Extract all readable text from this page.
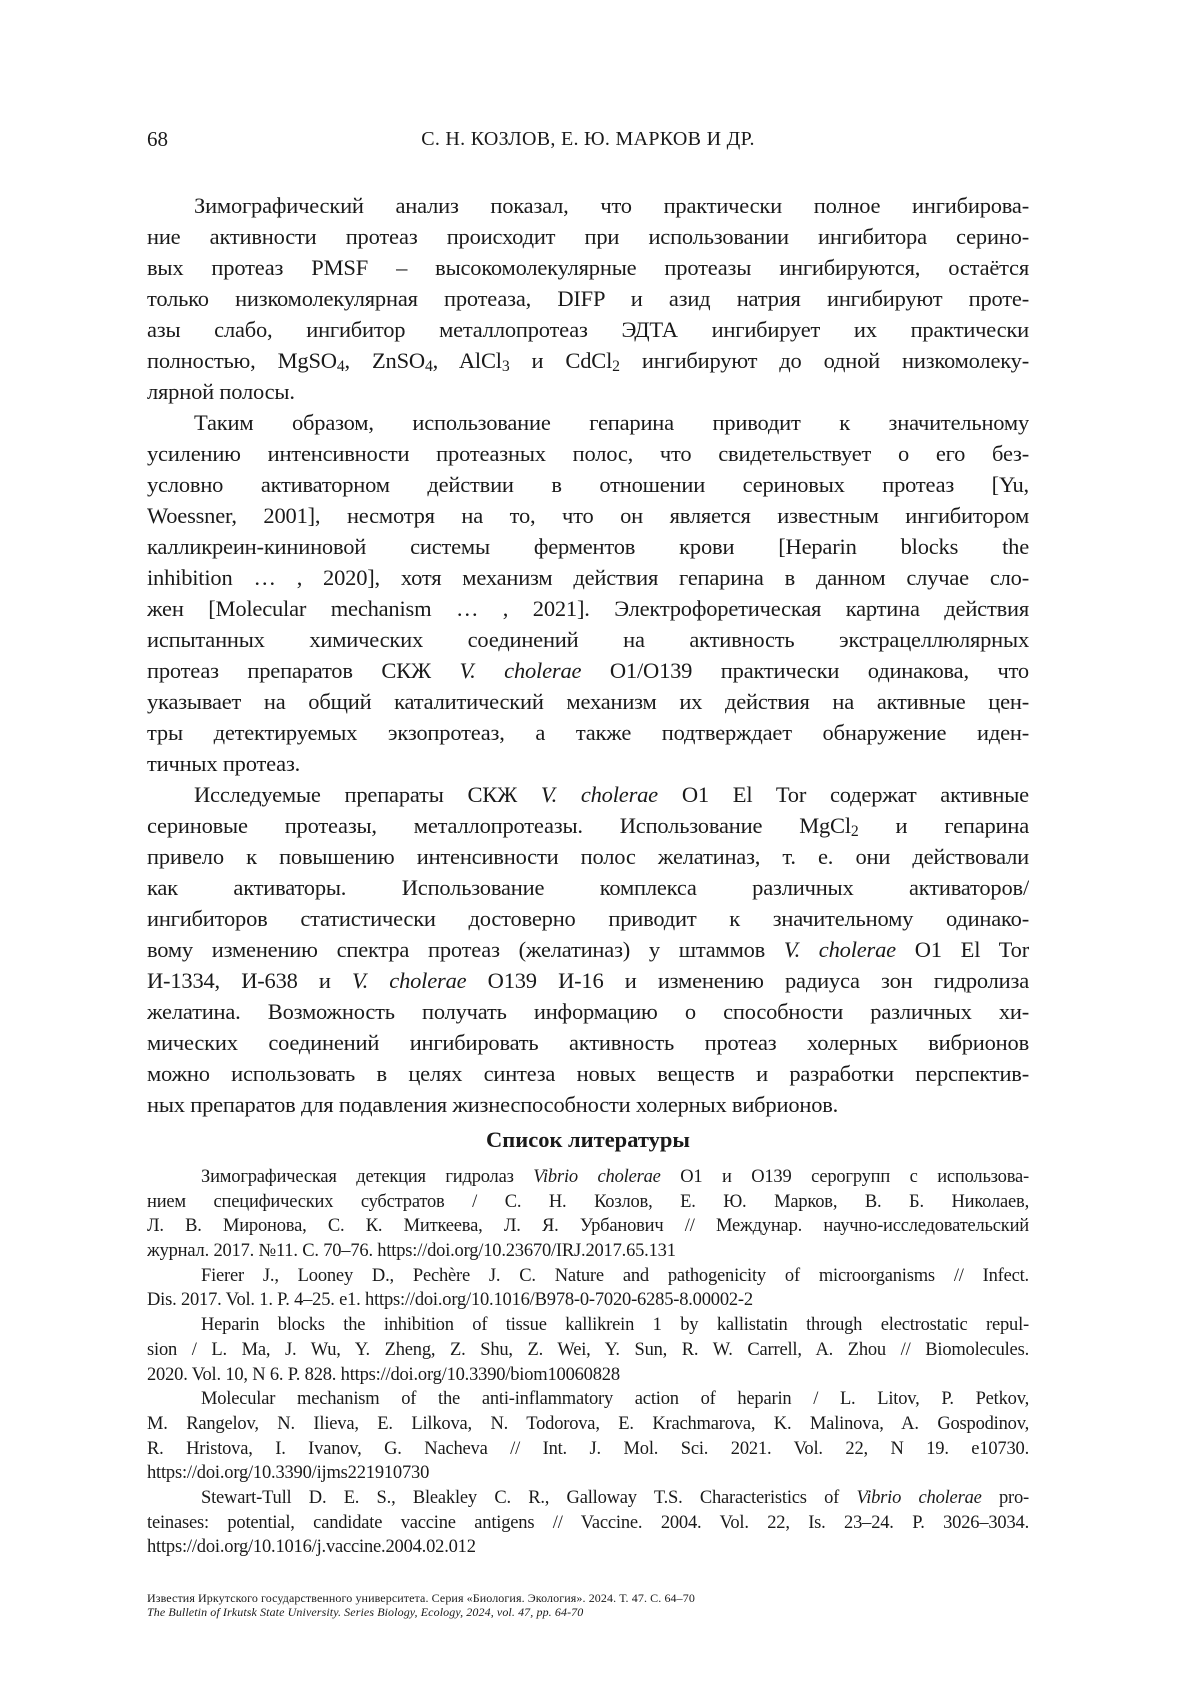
68	С. Н. КОЗЛОВ, Е. Ю. МАРКОВ И ДР.
Зимографический анализ показал, что практически полное ингибирова-
ние активности протеаз происходит при использовании ингибитора серино-
вых протеаз PMSF – высокомолекулярные протеазы ингибируются, остаётся
только низкомолекулярная протеаза, DIFP и азид натрия ингибируют проте-
азы слабо, ингибитор металлопротеаз ЭДТА ингибирует их практически
полностью, MgSO$_4$, ZnSO$_4$, AlCl$_3$ и CdCl$_2$ ингибируют до одной низкомолеку-
лярной полосы.
Таким образом, использование гепарина приводит к значительному
усилению интенсивности протеазных полос, что свидетельствует о его без-
условно активаторном действии в отношении сериновых протеаз [Yu,
Woessner, 2001], несмотря на то, что он является известным ингибитором
калликреин-кининовой системы ферментов крови [Heparin blocks the
inhibition … , 2020], хотя механизм действия гепарина в данном случае сло-
жен [Molecular mechanism … , 2021]. Электрофоретическая картина действия
испытанных химических соединений на активность экстрацеллюлярных
протеаз препаратов СКЖ V. cholerae О1/О139 практически одинакова, что
указывает на общий каталитический механизм их действия на активные цен-
тры детектируемых экзопротеаз, а также подтверждает обнаружение иден-
тичных протеаз.
Исследуемые препараты СКЖ V. cholerae О1 El Tor содержат активные
сериновые протеазы, металлопротеазы. Использование MgCl$_2$ и гепарина
привело к повышению интенсивности полос желатиназ, т. е. они действовали
как активаторы. Использование комплекса различных активаторов/
ингибиторов статистически достоверно приводит к значительному одинако-
вому изменению спектра протеаз (желатиназ) у штаммов V. cholerae О1 El Tor
И-1334, И-638 и V. cholerae О139 И-16 и изменению радиуса зон гидролиза
желатина. Возможность получать информацию о способности различных хи-
мических соединений ингибировать активность протеаз холерных вибрионов
можно использовать в целях синтеза новых веществ и разработки перспектив-
ных препаратов для подавления жизнеспособности холерных вибрионов.
Список литературы
Зимографическая детекция гидролаз Vibrio cholerae О1 и О139 серогрупп с использова-
нием специфических субстратов / С. Н. Козлов, Е. Ю. Марков, В. Б. Николаев,
Л. В. Миронова, С. К. Миткеева, Л. Я. Урбанович // Междунар. научно-исследовательский
журнал. 2017. №11. С. 70–76. https://doi.org/10.23670/IRJ.2017.65.131
Fierer J., Looney D., Pechère J. C. Nature and pathogenicity of microorganisms // Infect.
Dis. 2017. Vol. 1. P. 4–25. e1. https://doi.org/10.1016/B978-0-7020-6285-8.00002-2
Heparin blocks the inhibition of tissue kallikrein 1 by kallistatin through electrostatic repul-
sion / L. Ma, J. Wu, Y. Zheng, Z. Shu, Z. Wei, Y. Sun, R. W. Carrell, A. Zhou // Biomolecules.
2020. Vol. 10, N 6. P. 828. https://doi.org/10.3390/biom10060828
Molecular mechanism of the anti-inflammatory action of heparin / L. Litov, P. Petkov,
M. Rangelov, N. Ilieva, E. Lilkova, N. Todorova, E. Krachmarova, K. Malinova, A. Gospodinov,
R. Hristova, I. Ivanov, G. Nacheva // Int. J. Mol. Sci. 2021. Vol. 22, N 19. e10730.
https://doi.org/10.3390/ijms221910730
Stewart-Tull D. E. S., Bleakley C. R., Galloway T.S. Characteristics of Vibrio cholerae pro-
teinases: potential, candidate vaccine antigens // Vaccine. 2004. Vol. 22, Is. 23–24. P. 3026–3034.
https://doi.org/10.1016/j.vaccine.2004.02.012
Известия Иркутского государственного университета. Серия «Биология. Экология». 2024. Т. 47. С. 64–70
The Bulletin of Irkutsk State University. Series Biology, Ecology, 2024, vol. 47, pp. 64-70
